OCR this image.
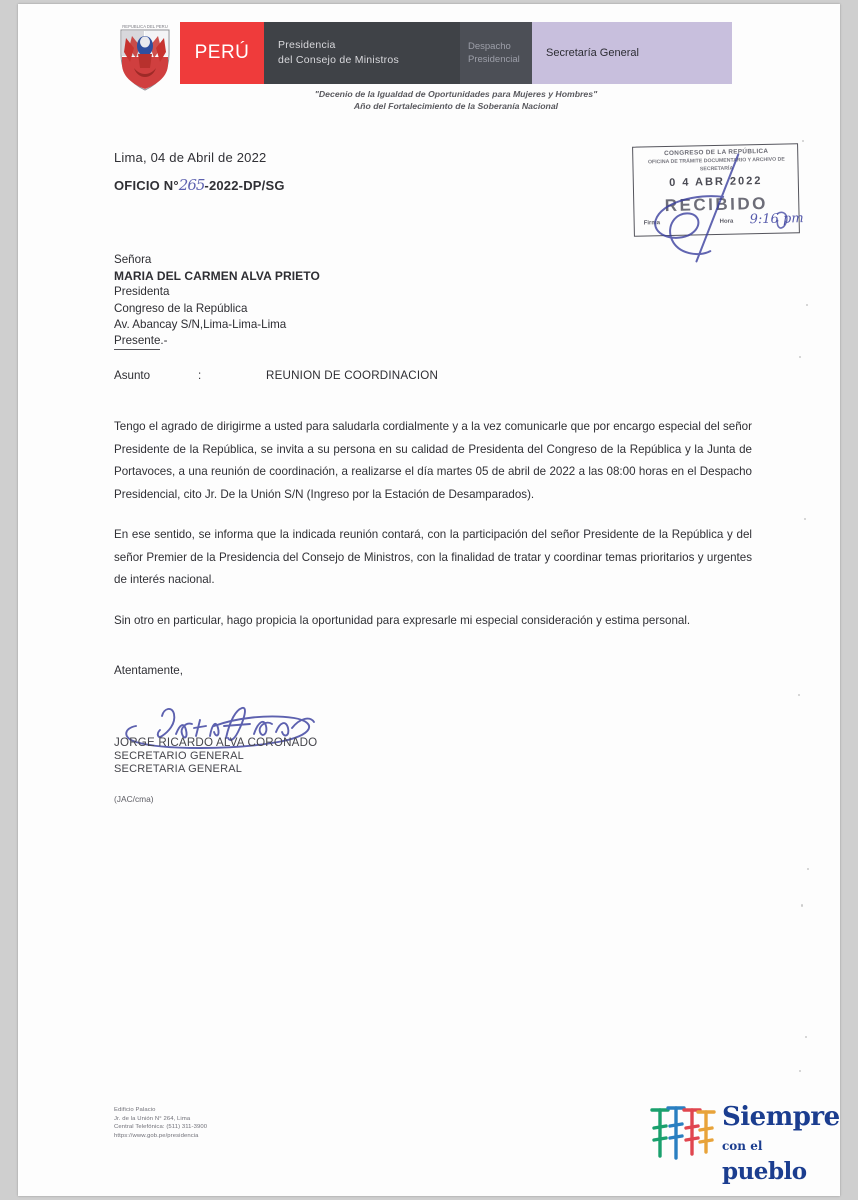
REPUBLICA DEL PERU
PERÚ	Presidencia
del Consejo de Ministros
Despacho
Presidencial
Secretaría General
"Decenio de la Igualdad de Oportunidades para Mujeres y Hombres"
Año del Fortalecimiento de la Soberanía Nacional
Lima, 04 de Abril de 2022
OFICIO N°265-2022-DP/SG
CONGRESO DE LA REPÚBLICA
OFICINA DE TRÁMITE DOCUMENTARIO Y ARCHIVO DE SECRETARÍA
0 4 ABR 2022
RECIBIDO
Firma	Hora 9:16 pm
Señora
MARIA DEL CARMEN ALVA PRIETO
Presidenta
Congreso de la República
Av. Abancay S/N,Lima-Lima-Lima
Presente.-
Asunto	:	REUNION DE COORDINACION

Tengo el agrado de dirigirme a usted para saludarla cordialmente y a la vez comunicarle que por encargo especial del señor Presidente de la República, se invita a su persona en su calidad de Presidenta del Congreso de la República y la Junta de Portavoces, a una reunión de coordinación, a realizarse el día martes 05 de abril de 2022 a las 08:00 horas en el Despacho Presidencial, cito Jr. De la Unión S/N (Ingreso por la Estación de Desamparados).

En ese sentido, se informa que la indicada reunión contará, con la participación del señor Presidente de la República y del señor Premier de la Presidencia del Consejo de Ministros, con la finalidad de tratar y coordinar temas prioritarios y urgentes de interés nacional.

Sin otro en particular, hago propicia la oportunidad para expresarle mi especial consideración y estima personal.

Atentamente,
JORGE RICARDO ALVA CORONADO
SECRETARIO GENERAL
SECRETARIA GENERAL
(JAC/cma)
Edificio Palacio
Jr. de la Unión N° 264, Lima
Central Telefónica: (511) 311-3900
https://www.gob.pe/presidencia
Siempre
con el pueblo
